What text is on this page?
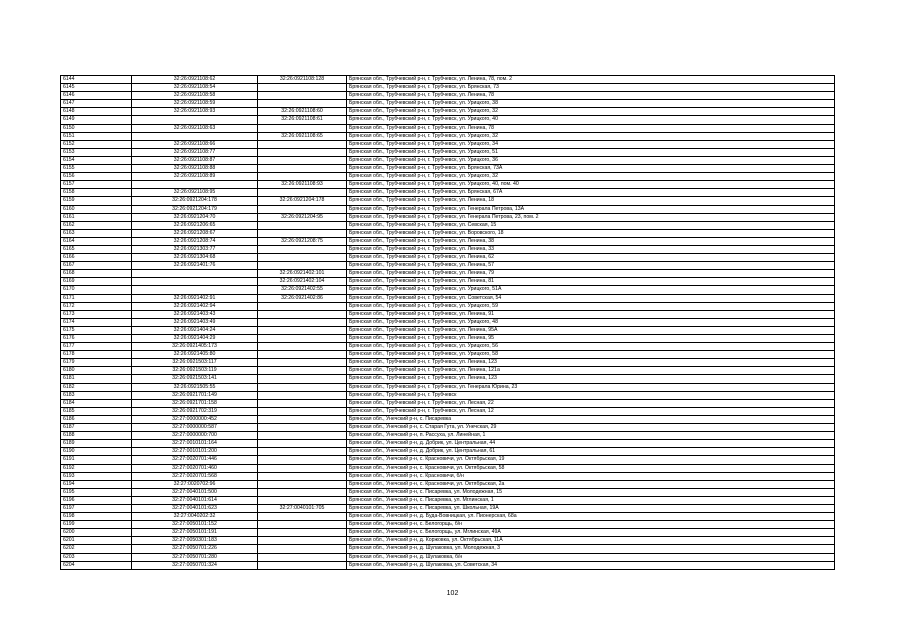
6144	32:26:0921108:62	32:26:0921108:128	Брянская обл., Трубчевский р-н, г. Трубчевск, ул. Ленина, 78, пом. 2
6145	32:26:0921108:54		Брянская обл., Трубчевский р-н, г. Трубчевск, ул. Брянская, 73
6146	32:26:0921108:58		Брянская обл., Трубчевский р-н, г. Трубчевск, ул. Ленина, 78
6147	32:26:0921108:59		Брянская обл., Трубчевский р-н, г. Трубчевск, ул. Урицкого, 38
6148	32:26:0921108:93	32:26:0921108:60	Брянская обл., Трубчевский р-н, г. Трубчевск, ул. Урицкого, 32
6149		32:26:0921108:61	Брянская обл., Трубчевский р-н, г. Трубчевск, ул. Урицкого, 40
6150	32:26:0921108:63		Брянская обл., Трубчевский р-н, г. Трубчевск, ул. Ленина, 78
6151		32:26:0921108:65	Брянская обл., Трубчевский р-н, г. Трубчевск, ул. Урицкого, 32
6152	32:26:0921108:66		Брянская обл., Трубчевский р-н, г. Трубчевск, ул. Урицкого, 34
6153	32:26:0921108:77		Брянская обл., Трубчевский р-н, г. Трубчевск, ул. Урицкого, 51
6154	32:26:0921108:87		Брянская обл., Трубчевский р-н, г. Трубчевск, ул. Урицкого, 36
6155	32:26:0921108:88		Брянская обл., Трубчевский р-н, г. Трубчевск, ул. Брянская, 73А
6156	32:26:0921108:89		Брянская обл., Трубчевский р-н, г. Трубчевск, ул. Урицкого, 32
6157		32:26:0921108:93	Брянская обл., Трубчевский р-н, г. Трубчевск, ул. Урицкого, 40, пом. 40
6158	32:26:0921108:95		Брянская обл., Трубчевский р-н, г. Трубчевск, ул. Брянская, 67А
6159	32:26:0921204:178	32:26:0921204:178	Брянская обл., Трубчевский р-н, г. Трубчевск, ул. Ленина, 18
6160	32:26:0921204:179		Брянская обл., Трубчевский р-н, г. Трубчевск, ул. Генерала Петрова, 13А
6161	32:26:0921204:70	32:26:0921204:95	Брянская обл., Трубчевский р-н, г. Трубчевск, ул. Генерала Петрова, 23, пом. 2
6162	32:26:0921206:65		Брянская обл., Трубчевский р-н, г. Трубчевск, ул. Севская, 15
6163	32:26:0921208:67		Брянская обл., Трубчевский р-н, г. Трубчевск, ул. Воровского, 18
6164	32:26:0921208:74	32:26:0921208:75	Брянская обл., Трубчевский р-н, г. Трубчевск, ул. Ленина, 38
6165	32:26:0921303:77		Брянская обл., Трубчевский р-н, г. Трубчевск, ул. Ленина, 33
6166	32:26:0921304:68		Брянская обл., Трубчевский р-н, г. Трубчевск, ул. Ленина, 62
6167	32:26:0921401:76		Брянская обл., Трубчевский р-н, г. Трубчевск, ул. Ленина, 57
6168		32:26:0921402:101	Брянская обл., Трубчевский р-н, г. Трубчевск, ул. Ленина, 79
6169		32:26:0921402:104	Брянская обл., Трубчевский р-н, г. Трубчевск, ул. Ленина, 81
6170		32:26:0921402:55	Брянская обл., Трубчевский р-н, г. Трубчевск, ул. Урицкого, 51А
6171	32:26:0921402:91	32:26:0921402:86	Брянская обл., Трубчевский р-н, г. Трубчевск, ул. Советская, 54
6172	32:26:0921402:94		Брянская обл., Трубчевский р-н, г. Трубчевск, ул. Урицкого, 59
6173	32:26:0921403:43		Брянская обл., Трубчевский р-н, г. Трубчевск, ул. Ленина, 91
6174	32:26:0921403:49		Брянская обл., Трубчевский р-н, г. Трубчевск, ул. Урицкого, 48
6175	32:26:0921404:24		Брянская обл., Трубчевский р-н, г. Трубчевск, ул. Ленина, 95А
6176	32:26:0921404:29		Брянская обл., Трубчевский р-н, г. Трубчевск, ул. Ленина, 95
6177	32:26:0921405:173		Брянская обл., Трубчевский р-н, г. Трубчевск, ул. Урицкого, 56
6178	32:26:0921405:80		Брянская обл., Трубчевский р-н, г. Трубчевск, ул. Урицкого, 58
6179	32:26:0921503:117		Брянская обл., Трубчевский р-н, г. Трубчевск, ул. Ленина, 123
6180	32:26:0921503:119		Брянская обл., Трубчевский р-н, г. Трубчевск, ул. Ленина, 121а
6181	32:26:0921503:141		Брянская обл., Трубчевский р-н, г. Трубчевск, ул. Ленина, 123
6182	32:26:0921505:55		Брянская обл., Трубчевский р-н, г. Трубчевск, ул. Генерала Юрина, 23
6183	32:26:0921701:149		Брянская обл., Трубчевский р-н, г. Трубчевск
6184	32:26:0921701:158		Брянская обл., Трубчевский р-н, г. Трубчевск, ул. Лесная, 22
6185	32:26:0921702:319		Брянская обл., Трубчевский р-н, г. Трубчевск, ул. Лесная, 12
6186	32:27:0000000:452		Брянская обл., Унечский р-н, с. Писаревка
6187	32:27:0000000:587		Брянская обл., Унечский р-н, с. Старая Гута, ул. Унечская, 29
6188	32:27:0000000:700		Брянская обл., Унечский р-н, п. Рассуха, ул. Линейная, 1
6189	32:27:0010101:164		Брянская обл., Унечский р-н, д. Добрик, ул. Центральная, 44
6190	32:27:0010101:200		Брянская обл., Унечский р-н, д. Добрик, ул. Центральная, 61
6191	32:27:0020701:446		Брянская обл., Унечский р-н, с. Красновичи, ул. Октябрьская, 19
6192	32:27:0020701:460		Брянская обл., Унечский р-н, с. Красновичи, ул. Октябрьская, 58
6193	32:27:0020701:568		Брянская обл., Унечский р-н, с. Красновичи, б/н
6194	32:27:0020702:96		Брянская обл., Унечский р-н, с. Красновичи, ул. Октябрьская, 2а
6195	32:27:0040101:500		Брянская обл., Унечский р-н, с. Писаревка, ул. Молодежная, 15
6196	32:27:0040101:614		Брянская обл., Унечский р-н, с. Писаревка, ул. Мглинская, 1
6197	32:27:0040101:623	32:27:0040101:705	Брянская обл., Унечский р-н, с. Писаревка, ул. Школьная, 19А
6198	32:27:0040202:32		Брянская обл., Унечский р-н, д. Буда-Вовницкая, ул. Пионерская, 68а
6199	32:27:0050101:152		Брянская обл., Унечский р-н, с. Белогорщь, б/н
6200	32:27:0050101:191		Брянская обл., Унечский р-н, с. Белогорщь, ул. Мглинская, 49А
6201	32:27:0050301:183		Брянская обл., Унечский р-н, д. Коржовка, ул. Октябрьская, 11А
6202	32:27:0050701:226		Брянская обл., Унечский р-н, д. Шулаковка, ул. Молодежная, 3
6203	32:27:0050701:280		Брянская обл., Унечский р-н, д. Шулаковка, б/н
6204	32:27:0050701:324		Брянская обл., Унечский р-н, д. Шулаковка, ул. Советская, 34
102
